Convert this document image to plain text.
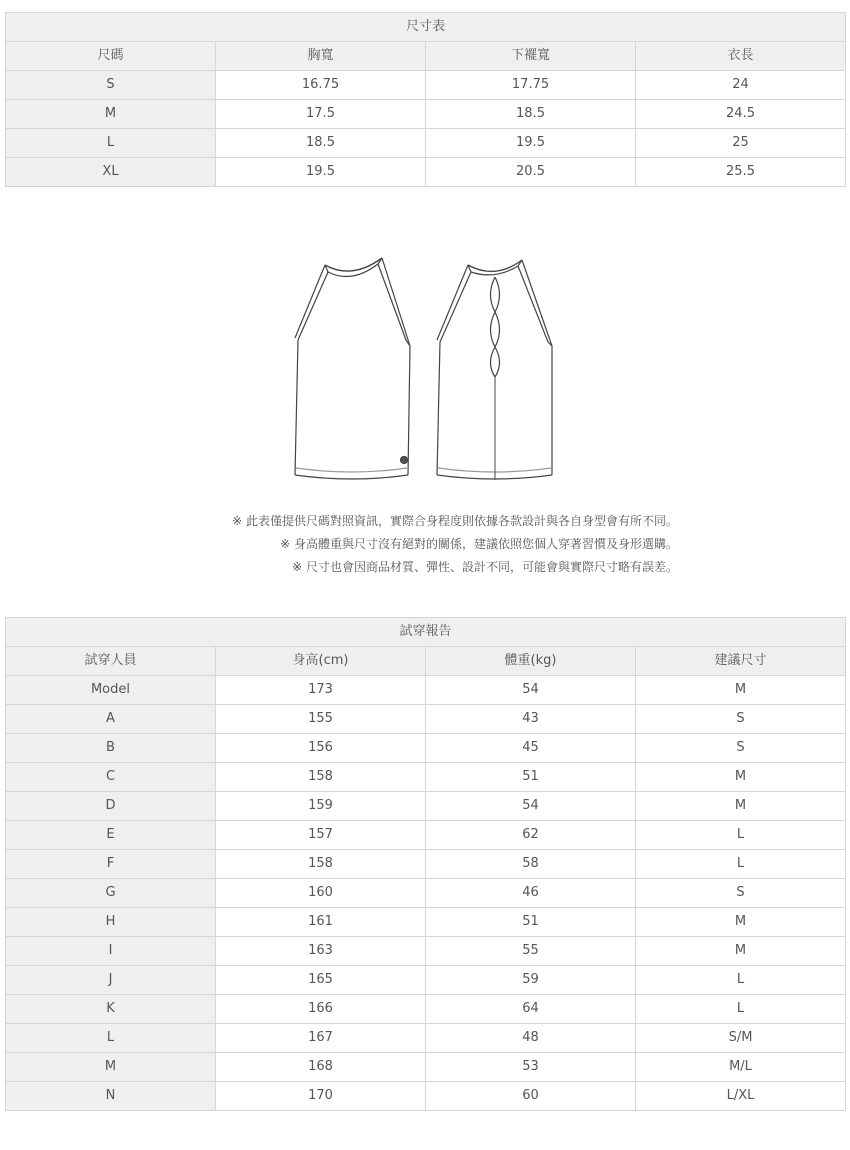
尺寸表			
尺碼	胸寬	下襬寬	衣長
S	16.75	17.75	24
M	17.5	18.5	24.5
L	18.5	19.5	25
XL	19.5	20.5	25.5
※ 此表僅提供尺碼對照資訊，實際合身程度則依據各款設計與各自身型會有所不同。
※ 身高體重與尺寸沒有絕對的關係，建議依照您個人穿著習慣及身形選購。
※ 尺寸也會因商品材質、彈性、設計不同，可能會與實際尺寸略有誤差。
試穿報告			
試穿人員	身高(cm)	體重(kg)	建議尺寸
Model	173	54	M
A	155	43	S
B	156	45	S
C	158	51	M
D	159	54	M
E	157	62	L
F	158	58	L
G	160	46	S
H	161	51	M
I	163	55	M
J	165	59	L
K	166	64	L
L	167	48	S/M
M	168	53	M/L
N	170	60	L/XL
